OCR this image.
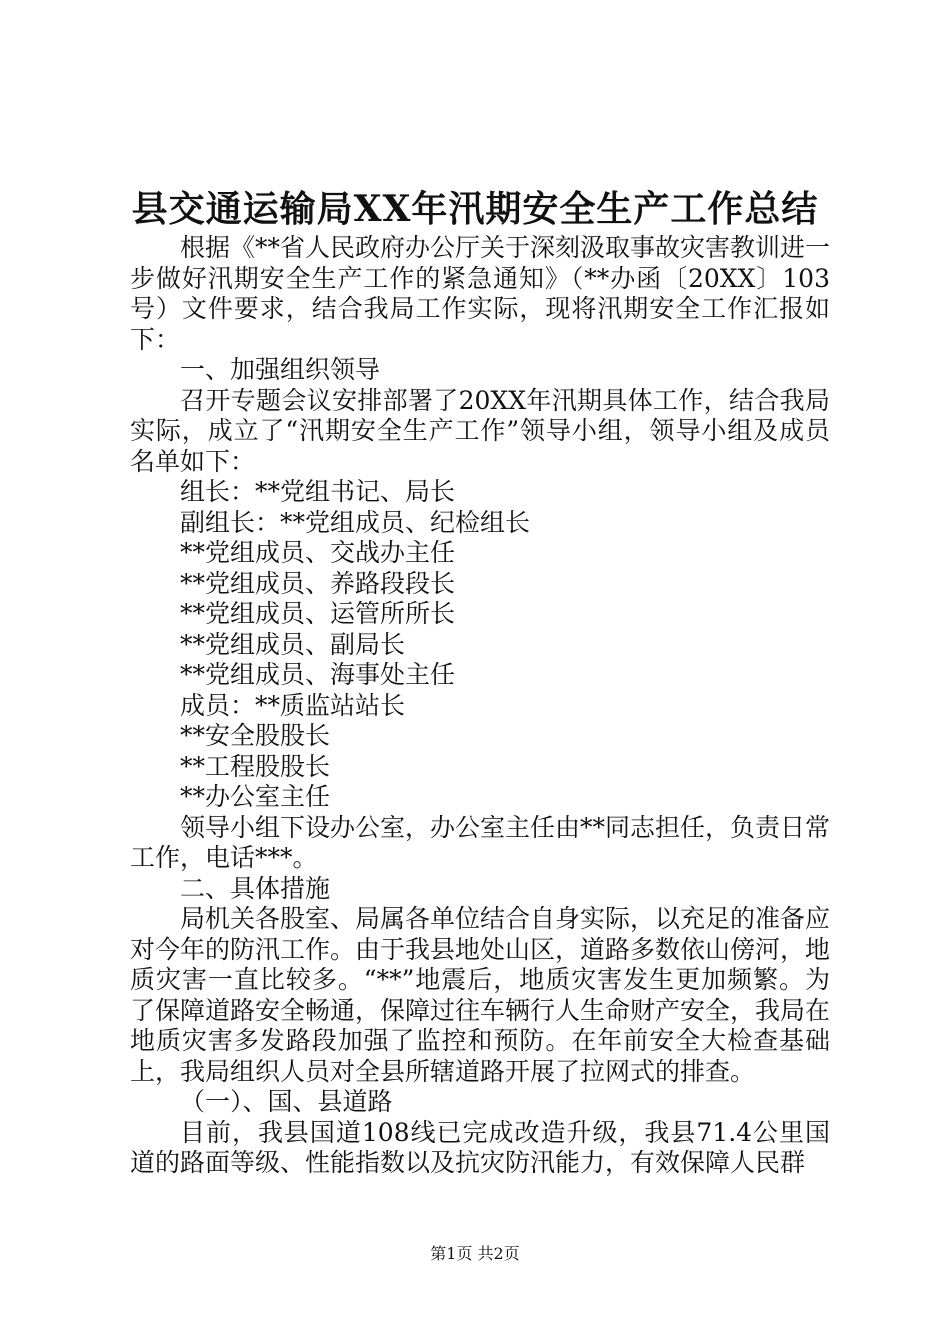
县交通运输局XX年汛期安全生产工作总结

根据《**省人民政府办公厅关于深刻汲取事故灾害教训进一步做好汛期安全生产工作的紧急通知》（**办函〔20XX〕103号）文件要求，结合我局工作实际，现将汛期安全工作汇报如下：

一、加强组织领导

召开专题会议安排部署了20XX年汛期具体工作，结合我局实际，成立了“汛期安全生产工作”领导小组，领导小组及成员名单如下：

组长：**党组书记、局长

副组长：**党组成员、纪检组长

**党组成员、交战办主任

**党组成员、养路段段长

**党组成员、运管所所长

**党组成员、副局长

**党组成员、海事处主任

成员：**质监站站长

**安全股股长

**工程股股长

**办公室主任

领导小组下设办公室，办公室主任由**同志担任，负责日常工作，电话***。

二、具体措施

局机关各股室、局属各单位结合自身实际，以充足的准备应对今年的防汛工作。由于我县地处山区，道路多数依山傍河，地质灾害一直比较多。“**”地震后，地质灾害发生更加频繁。为了保障道路安全畅通，保障过往车辆行人生命财产安全，我局在地质灾害多发路段加强了监控和预防。在年前安全大检查基础上，我局组织人员对全县所辖道路开展了拉网式的排查。

（一）、国、县道路

目前，我县国道108线已完成改造升级，我县71.4公里国道的路面等级、性能指数以及抗灾防汛能力，有效保障人民群

第1页 共2页
